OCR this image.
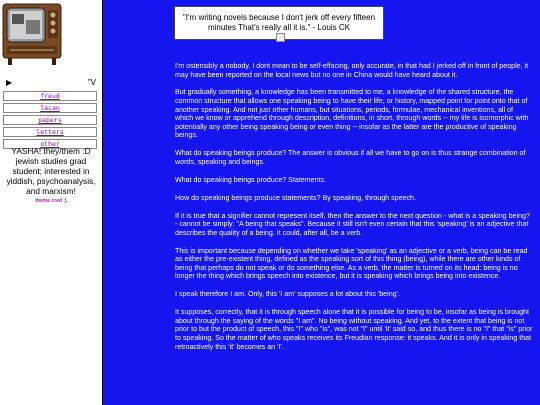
▶	"V
freud
lacan
papers
letters
other
YASHA! they/them :D jewish studies grad student; interested in yiddish, psychoanalysis, and marxism!
theme cred :)
"I'm writing novels because I don't jerk off every fifteen minutes That's really all it is." - Louis CK

I'm ostensibly a nobody. I dont mean to be self-effacing, only accurate, in that had I jerked off in front of people, it may have been reported on the local news but no one in China would have heard about it.

But gradually something, a knowledge has been transmitted to me, a knowledge of the shared structure, the common structure that allows one speaking being to have their life, or history, mapped point for point onto that of another speaking. And not just other humans, but situations, periods, formulae, mechanical inventions, all of which we know or apprehend through description, definitions, in short, through words -- my life is isomorphic with potentially any other being speaking being or even thing -- insofar as the latter are the productive of speaking beings.

What do speaking beings produce? The answer is obvious if all we have to go on is thus strange combination of words, speaking and beings.

What do speaking beings produce? Statements.

How do speaking beings produce statements? By speaking, through speech.

If it is true that a signifier cannot represent itself, then the answer to the next question - what is a speaking being? - cannot be simply: "A being that speaks". Because it still isn't even certain that this 'speaking' is an adjective that describes the quality of a being. It could, after all, be a verb.

This is important because depending on whether we take 'speaking' as an adjective or a verb, being can be read as either the pre-existent thing, defined as the speaking sort of this thing (being), while there are other kinds of being that perhaps do not speak or do something else. As a verb, the matter is turned on its head: being is no longer the thing which brings speech into existence, but it is speaking which brings being into existence.

I speak therefore I am. Only, this 'I am' supposes a lot about this 'being'.

It supposes, correctly, that it is through speech alone that it is possible for being to be, insofar as being is brought about through the saying of the words "I am". No being without speaking. And yet, to the extent that being is not prior to but the product of speech, this "I" who "is", was not "I" until 'it' said so, and thus there is no "I" that "is" prior to speaking. So the matter of who speaks receives its Freudian response: it speaks. And it is only in speaking that retroactively this 'it' becomes an 'I'.
